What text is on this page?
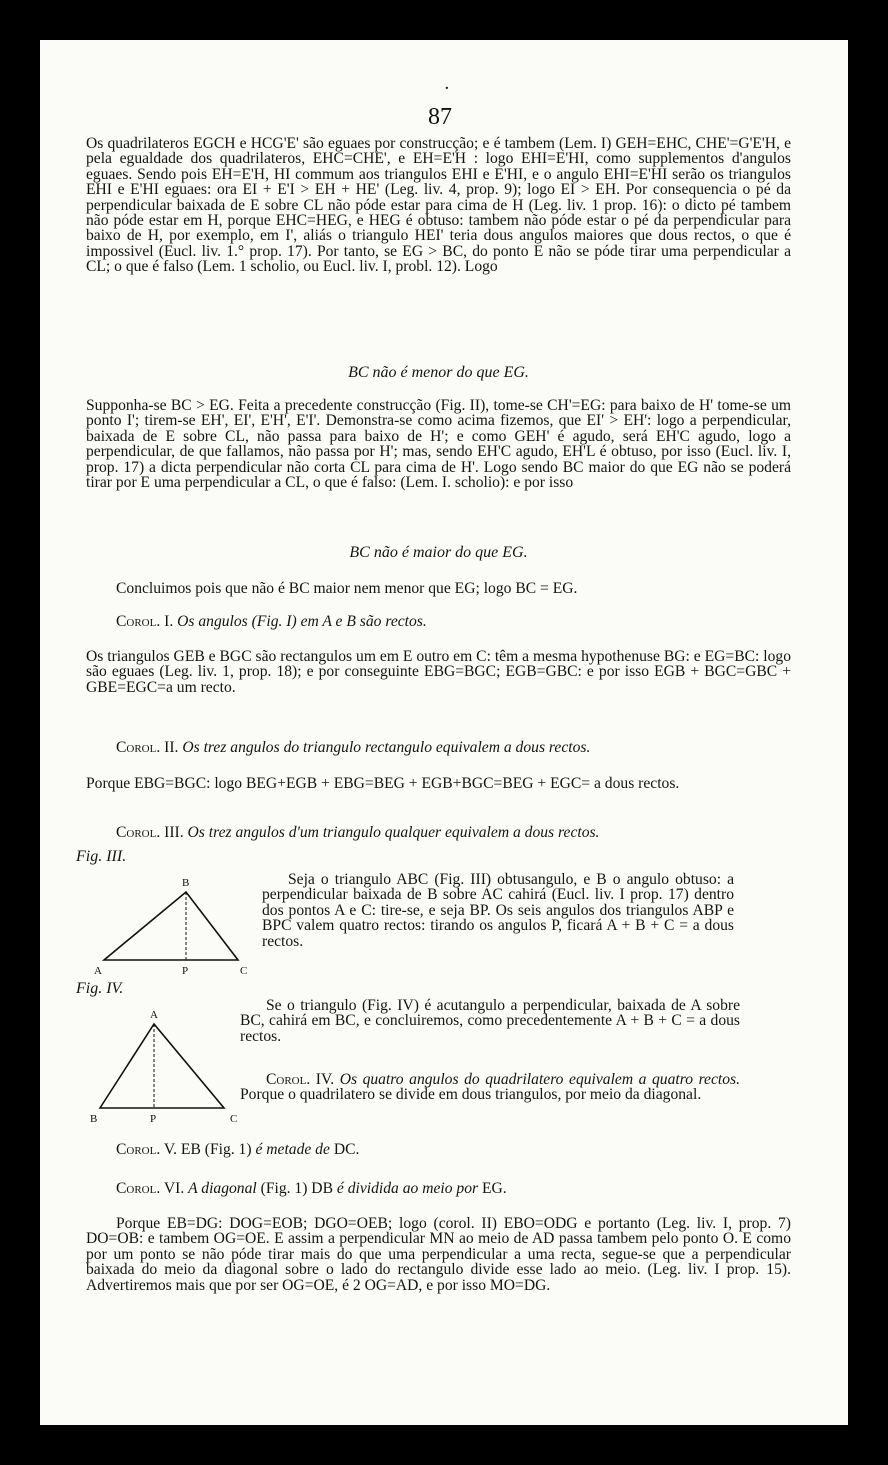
·
87

Os quadrilateros EGCH e HCG'E' são eguaes por construcção; e é tambem (Lem. I) GEH=EHC, CHE'=G'E'H, e pela egualdade dos quadrilateros, EHC=CHE', e EH=E'H : logo EHI=E'HI, como supplementos d'angulos eguaes. Sendo pois EH=E'H, HI commum aos triangulos EHI e E'HI, e o angulo EHI=E'HI serão os triangulos EHI e E'HI eguaes: ora EI + E'I > EH + HE' (Leg. liv. 4, prop. 9); logo EI > EH. Por consequencia o pé da perpendicular baixada de E sobre CL não póde estar para cima de H (Leg. liv. 1 prop. 16): o dicto pé tambem não póde estar em H, porque EHC=HEG, e HEG é obtuso: tambem não póde estar o pé da perpendicular para baixo de H, por exemplo, em I', aliás o triangulo HEI' teria dous angulos maiores que dous rectos, o que é impossivel (Eucl. liv. 1.° prop. 17). Por tanto, se EG > BC, do ponto E não se póde tirar uma perpendicular a CL; o que é falso (Lem. 1 scholio, ou Eucl. liv. I, probl. 12). Logo

BC não é menor do que EG.

Supponha-se BC > EG. Feita a precedente construcção (Fig. II), tome-se CH'=EG: para baixo de H' tome-se um ponto I'; tirem-se EH', EI', E'H', E'I'. Demonstra-se como acima fizemos, que EI' > EH': logo a perpendicular, baixada de E sobre CL, não passa para baixo de H'; e como GEH' é agudo, será EH'C agudo, logo a perpendicular, de que fallamos, não passa por H'; mas, sendo EH'C agudo, EH'L é obtuso, por isso (Eucl. liv. I, prop. 17) a dicta perpendicular não corta CL para cima de H'. Logo sendo BC maior do que EG não se poderá tirar por E uma perpendicular a CL, o que é falso: (Lem. I. scholio): e por isso

BC não é maior do que EG.

Concluimos pois que não é BC maior nem menor que EG; logo BC = EG.

Corol. I. Os angulos (Fig. I) em A e B são rectos.

Os triangulos GEB e BGC são rectangulos um em E outro em C: têm a mesma hypothenuse BG: e EG=BC: logo são eguaes (Leg. liv. 1, prop. 18); e por conseguinte EBG=BGC; EGB=GBC: e por isso EGB + BGC=GBC + GBE=EGC=a um recto.

Corol. II. Os trez angulos do triangulo rectangulo equivalem a dous rectos.

Porque EBG=BGC: logo BEG+EGB + EBG=BEG + EGB+BGC=BEG + EGC= a dous rectos.

Corol. III. Os trez angulos d'um triangulo qualquer equivalem a dous rectos.

Fig. III.
B
A	P	C

Seja o triangulo ABC (Fig. III) obtusangulo, e B o angulo obtuso: a perpendicular baixada de B sobre AC cahirá (Eucl. liv. I prop. 17) dentro dos pontos A e C: tire-se, e seja BP. Os seis angulos dos triangulos ABP e BPC valem quatro rectos: tirando os angulos P, ficará A + B + C = a dous rectos.

Fig. IV.
A
B	P	C

Se o triangulo (Fig. IV) é acutangulo a perpendicular, baixada de A sobre BC, cahirá em BC, e concluiremos, como precedentemente A + B + C = a dous rectos.

Corol. IV. Os quatro angulos do quadrilatero equivalem a quatro rectos. Porque o quadrilatero se divide em dous triangulos, por meio da diagonal.

Corol. V. EB (Fig. 1) é metade de DC.

Corol. VI. A diagonal (Fig. 1) DB é dividida ao meio por EG.

Porque EB=DG: DOG=EOB; DGO=OEB; logo (corol. II) EBO=ODG e portanto (Leg. liv. I, prop. 7) DO=OB: e tambem OG=OE. E assim a perpendicular MN ao meio de AD passa tambem pelo ponto O. E como por um ponto se não póde tirar mais do que uma perpendicular a uma recta, segue-se que a perpendicular baixada do meio da diagonal sobre o lado do rectangulo divide esse lado ao meio. (Leg. liv. I prop. 15). Advertiremos mais que por ser OG=OE, é 2 OG=AD, e por isso MO=DG.
